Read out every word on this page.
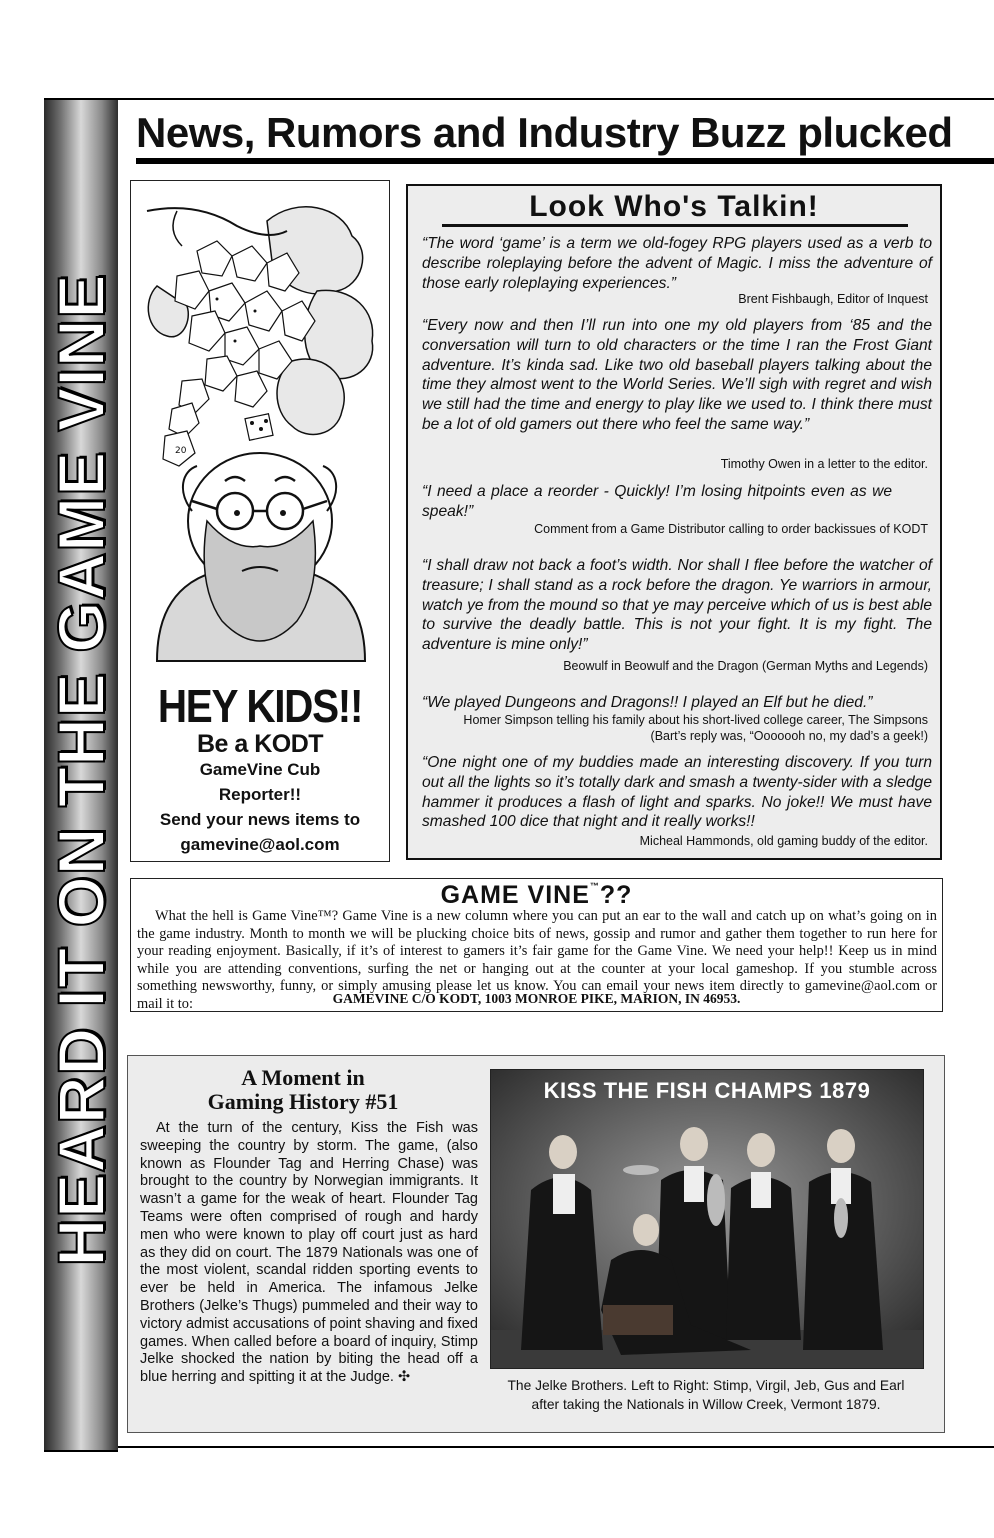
HEARD IT ON THE GAME VINE
News, Rumors and Industry Buzz plucked
20
HEY KIDS!!
Be a KODT
GameVine Cub
Reporter!!
Send your news items to
gamevine@aol.com
Look Who's Talkin!
“The word ‘game’ is a term we old-fogey RPG players used as a verb to describe roleplaying before the advent of Magic. I miss the adventure of those early roleplaying experiences.”
Brent Fishbaugh, Editor of Inquest
“Every now and then I’ll run into one my old players from ‘85 and the conversation will turn to old characters or the time I ran the Frost Giant adventure. It’s kinda sad. Like two old baseball players talking about the time they almost went to the World Series. We’ll sigh with regret and wish we still had the time and energy to play like we used to. I think there must be a lot of old gamers out there who feel the same way.”
Timothy Owen in a letter to the editor.
“I need a place a reorder - Quickly! I’m losing hitpoints even as we speak!”
Comment from a Game Distributor calling to order backissues of KODT
“I shall draw not back a foot’s width. Nor shall I flee before the watcher of treasure; I shall stand as a rock before the dragon. Ye warriors in armour, watch ye from the mound so that ye may perceive which of us is best able to survive the deadly battle. This is not your fight. It is my fight. The adventure is mine only!”
Beowulf in Beowulf and the Dragon (German Myths and Legends)
“We played Dungeons and Dragons!! I played an Elf but he died.”
Homer Simpson telling his family about his short-lived college career, The Simpsons
(Bart’s reply was, “Ooooooh no, my dad’s a geek!)
“One night one of my buddies made an interesting discovery. If you turn out all the lights so it’s totally dark and smash a twenty-sider with a sledge hammer it produces a flash of light and sparks. No joke!! We must have smashed 100 dice that night and it really works!!
Micheal Hammonds, old gaming buddy of the editor.
GAME VINE™??
What the hell is Game Vine™? Game Vine is a new column where you can put an ear to the wall and catch up on what’s going on in the game industry. Month to month we will be plucking choice bits of news, gossip and rumor and gather them together to run here for your reading enjoyment. Basically, if it’s of interest to gamers it’s fair game for the Game Vine. We need your help!! Keep us in mind while you are attending conventions, surfing the net or hanging out at the counter at your local gameshop. If you stumble across something newsworthy, funny, or simply amusing please let us know. You can email your news item directly to gamevine@aol.com or mail it to:	GAMEVINE C/O KODT, 1003 MONROE PIKE, MARION, IN 46953.
A Moment in
Gaming History #51
At the turn of the century, Kiss the Fish was sweeping the country by storm. The game, (also known as Flounder Tag and Herring Chase) was brought to the country by Norwegian immigrants. It wasn’t a game for the weak of heart. Flounder Tag Teams were often comprised of rough and hardy men who were known to play off court just as hard as they did on court. The 1879 Nationals was one of the most violent, scandal ridden sporting events to ever be held in America. The infamous Jelke Brothers (Jelke’s Thugs) pummeled and their way to victory admist accusations of point shaving and fixed games. When called before a board of inquiry, Stimp Jelke shocked the nation by biting the head off a blue herring and spitting it at the Judge. ✣
KISS THE FISH CHAMPS 1879
The Jelke Brothers. Left to Right: Stimp, Virgil, Jeb, Gus and Earl
after taking the Nationals in Willow Creek, Vermont 1879.
